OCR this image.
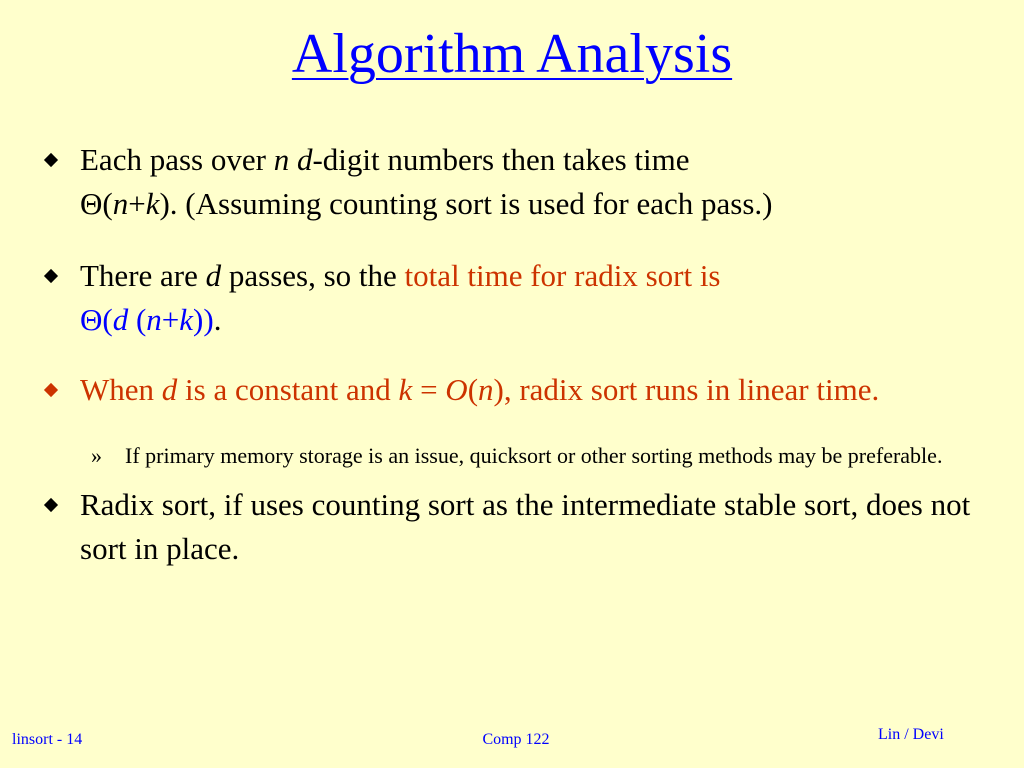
Algorithm Analysis
Each pass over n d-digit numbers then takes time
Θ(n+k). (Assuming counting sort is used for each pass.)
There are d passes, so the total time for radix sort is
Θ(d (n+k)).
When d is a constant and k = O(n), radix sort runs in linear time.
Radix sort, if uses counting sort as the intermediate stable sort, does not sort in place.
» If primary memory storage is an issue, quicksort or other sorting methods may be preferable.
linsort - 14	Comp 122	Lin / Devi
